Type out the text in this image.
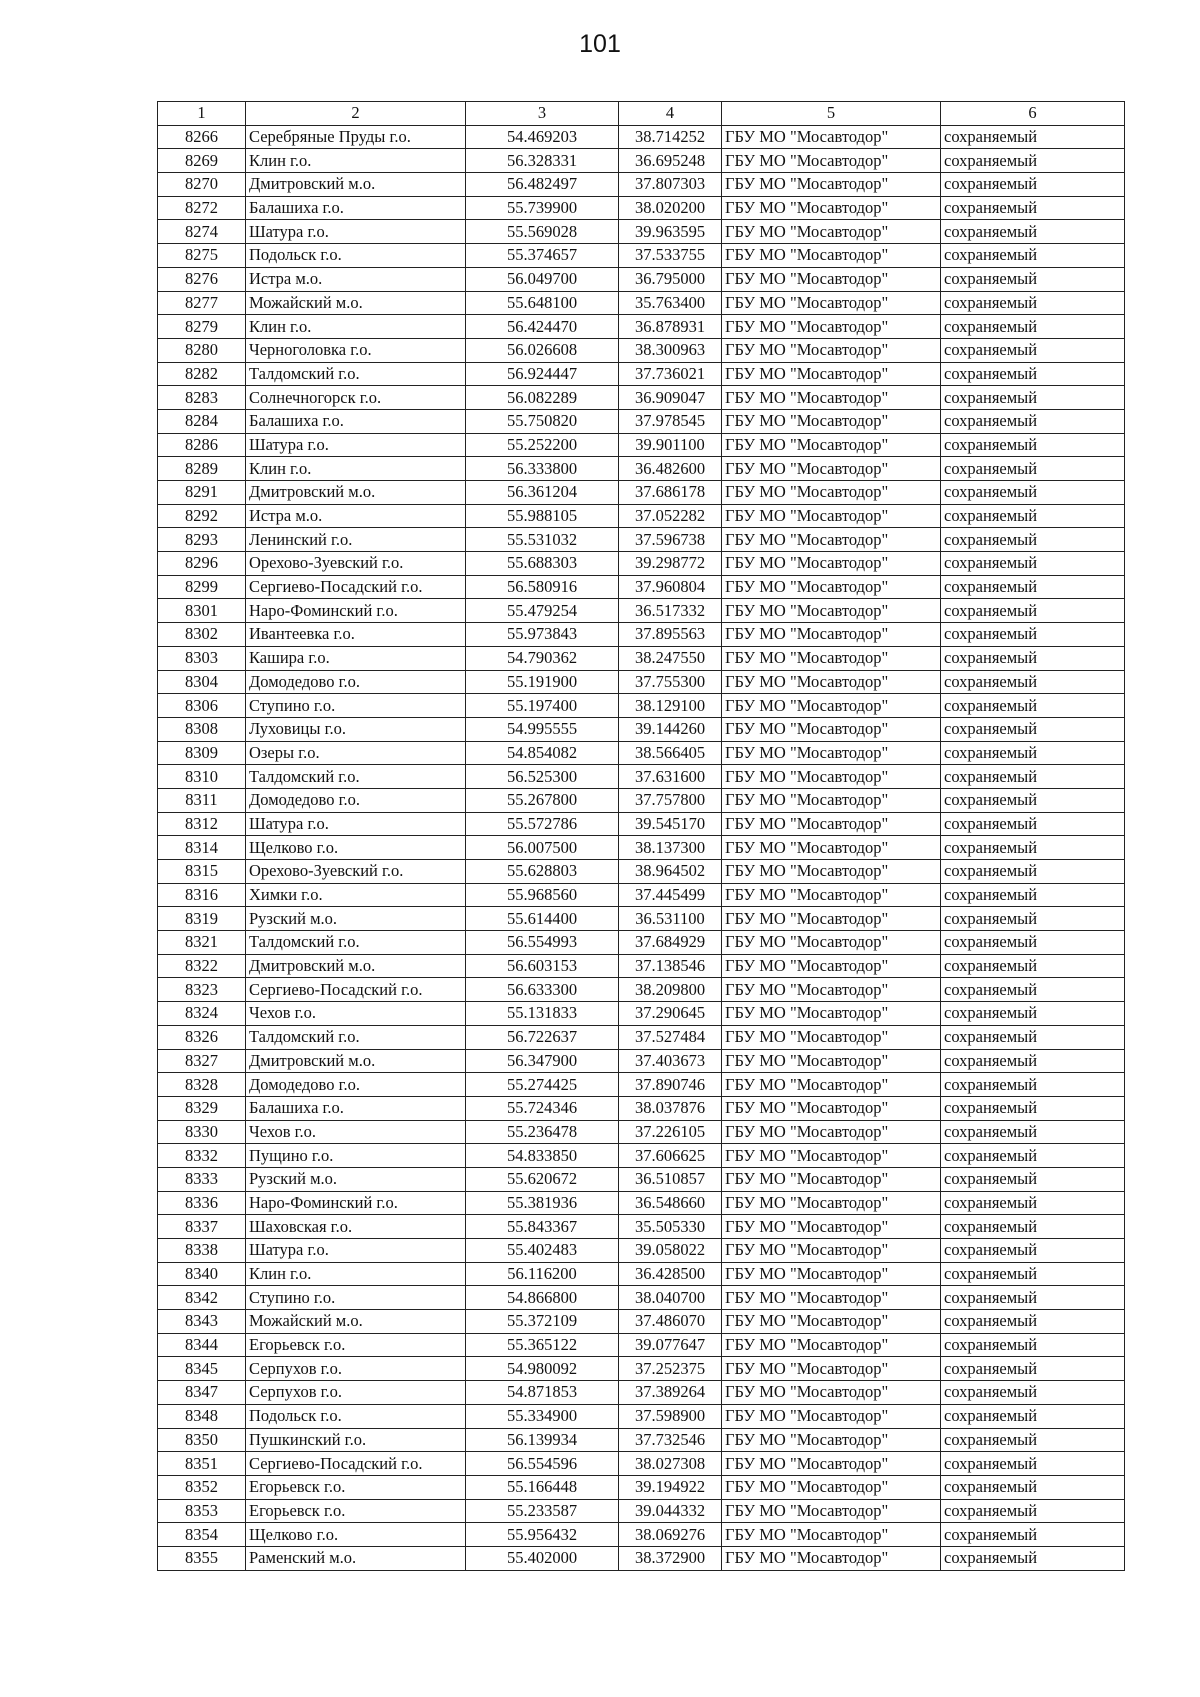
101
1	2	3	4	5	6
8266	Серебряные Пруды г.о.	54.469203	38.714252	ГБУ МО "Мосавтодор"	сохраняемый
8269	Клин г.о.	56.328331	36.695248	ГБУ МО "Мосавтодор"	сохраняемый
8270	Дмитровский м.о.	56.482497	37.807303	ГБУ МО "Мосавтодор"	сохраняемый
8272	Балашиха г.о.	55.739900	38.020200	ГБУ МО "Мосавтодор"	сохраняемый
8274	Шатура г.о.	55.569028	39.963595	ГБУ МО "Мосавтодор"	сохраняемый
8275	Подольск г.о.	55.374657	37.533755	ГБУ МО "Мосавтодор"	сохраняемый
8276	Истра м.о.	56.049700	36.795000	ГБУ МО "Мосавтодор"	сохраняемый
8277	Можайский м.о.	55.648100	35.763400	ГБУ МО "Мосавтодор"	сохраняемый
8279	Клин г.о.	56.424470	36.878931	ГБУ МО "Мосавтодор"	сохраняемый
8280	Черноголовка г.о.	56.026608	38.300963	ГБУ МО "Мосавтодор"	сохраняемый
8282	Талдомский г.о.	56.924447	37.736021	ГБУ МО "Мосавтодор"	сохраняемый
8283	Солнечногорск г.о.	56.082289	36.909047	ГБУ МО "Мосавтодор"	сохраняемый
8284	Балашиха г.о.	55.750820	37.978545	ГБУ МО "Мосавтодор"	сохраняемый
8286	Шатура г.о.	55.252200	39.901100	ГБУ МО "Мосавтодор"	сохраняемый
8289	Клин г.о.	56.333800	36.482600	ГБУ МО "Мосавтодор"	сохраняемый
8291	Дмитровский м.о.	56.361204	37.686178	ГБУ МО "Мосавтодор"	сохраняемый
8292	Истра м.о.	55.988105	37.052282	ГБУ МО "Мосавтодор"	сохраняемый
8293	Ленинский г.о.	55.531032	37.596738	ГБУ МО "Мосавтодор"	сохраняемый
8296	Орехово-Зуевский г.о.	55.688303	39.298772	ГБУ МО "Мосавтодор"	сохраняемый
8299	Сергиево-Посадский г.о.	56.580916	37.960804	ГБУ МО "Мосавтодор"	сохраняемый
8301	Наро-Фоминский г.о.	55.479254	36.517332	ГБУ МО "Мосавтодор"	сохраняемый
8302	Ивантеевка г.о.	55.973843	37.895563	ГБУ МО "Мосавтодор"	сохраняемый
8303	Кашира г.о.	54.790362	38.247550	ГБУ МО "Мосавтодор"	сохраняемый
8304	Домодедово г.о.	55.191900	37.755300	ГБУ МО "Мосавтодор"	сохраняемый
8306	Ступино г.о.	55.197400	38.129100	ГБУ МО "Мосавтодор"	сохраняемый
8308	Луховицы г.о.	54.995555	39.144260	ГБУ МО "Мосавтодор"	сохраняемый
8309	Озеры г.о.	54.854082	38.566405	ГБУ МО "Мосавтодор"	сохраняемый
8310	Талдомский г.о.	56.525300	37.631600	ГБУ МО "Мосавтодор"	сохраняемый
8311	Домодедово г.о.	55.267800	37.757800	ГБУ МО "Мосавтодор"	сохраняемый
8312	Шатура г.о.	55.572786	39.545170	ГБУ МО "Мосавтодор"	сохраняемый
8314	Щелково г.о.	56.007500	38.137300	ГБУ МО "Мосавтодор"	сохраняемый
8315	Орехово-Зуевский г.о.	55.628803	38.964502	ГБУ МО "Мосавтодор"	сохраняемый
8316	Химки г.о.	55.968560	37.445499	ГБУ МО "Мосавтодор"	сохраняемый
8319	Рузский м.о.	55.614400	36.531100	ГБУ МО "Мосавтодор"	сохраняемый
8321	Талдомский г.о.	56.554993	37.684929	ГБУ МО "Мосавтодор"	сохраняемый
8322	Дмитровский м.о.	56.603153	37.138546	ГБУ МО "Мосавтодор"	сохраняемый
8323	Сергиево-Посадский г.о.	56.633300	38.209800	ГБУ МО "Мосавтодор"	сохраняемый
8324	Чехов г.о.	55.131833	37.290645	ГБУ МО "Мосавтодор"	сохраняемый
8326	Талдомский г.о.	56.722637	37.527484	ГБУ МО "Мосавтодор"	сохраняемый
8327	Дмитровский м.о.	56.347900	37.403673	ГБУ МО "Мосавтодор"	сохраняемый
8328	Домодедово г.о.	55.274425	37.890746	ГБУ МО "Мосавтодор"	сохраняемый
8329	Балашиха г.о.	55.724346	38.037876	ГБУ МО "Мосавтодор"	сохраняемый
8330	Чехов г.о.	55.236478	37.226105	ГБУ МО "Мосавтодор"	сохраняемый
8332	Пущино г.о.	54.833850	37.606625	ГБУ МО "Мосавтодор"	сохраняемый
8333	Рузский м.о.	55.620672	36.510857	ГБУ МО "Мосавтодор"	сохраняемый
8336	Наро-Фоминский г.о.	55.381936	36.548660	ГБУ МО "Мосавтодор"	сохраняемый
8337	Шаховская г.о.	55.843367	35.505330	ГБУ МО "Мосавтодор"	сохраняемый
8338	Шатура г.о.	55.402483	39.058022	ГБУ МО "Мосавтодор"	сохраняемый
8340	Клин г.о.	56.116200	36.428500	ГБУ МО "Мосавтодор"	сохраняемый
8342	Ступино г.о.	54.866800	38.040700	ГБУ МО "Мосавтодор"	сохраняемый
8343	Можайский м.о.	55.372109	37.486070	ГБУ МО "Мосавтодор"	сохраняемый
8344	Егорьевск г.о.	55.365122	39.077647	ГБУ МО "Мосавтодор"	сохраняемый
8345	Серпухов г.о.	54.980092	37.252375	ГБУ МО "Мосавтодор"	сохраняемый
8347	Серпухов г.о.	54.871853	37.389264	ГБУ МО "Мосавтодор"	сохраняемый
8348	Подольск г.о.	55.334900	37.598900	ГБУ МО "Мосавтодор"	сохраняемый
8350	Пушкинский г.о.	56.139934	37.732546	ГБУ МО "Мосавтодор"	сохраняемый
8351	Сергиево-Посадский г.о.	56.554596	38.027308	ГБУ МО "Мосавтодор"	сохраняемый
8352	Егорьевск г.о.	55.166448	39.194922	ГБУ МО "Мосавтодор"	сохраняемый
8353	Егорьевск г.о.	55.233587	39.044332	ГБУ МО "Мосавтодор"	сохраняемый
8354	Щелково г.о.	55.956432	38.069276	ГБУ МО "Мосавтодор"	сохраняемый
8355	Раменский м.о.	55.402000	38.372900	ГБУ МО "Мосавтодор"	сохраняемый
